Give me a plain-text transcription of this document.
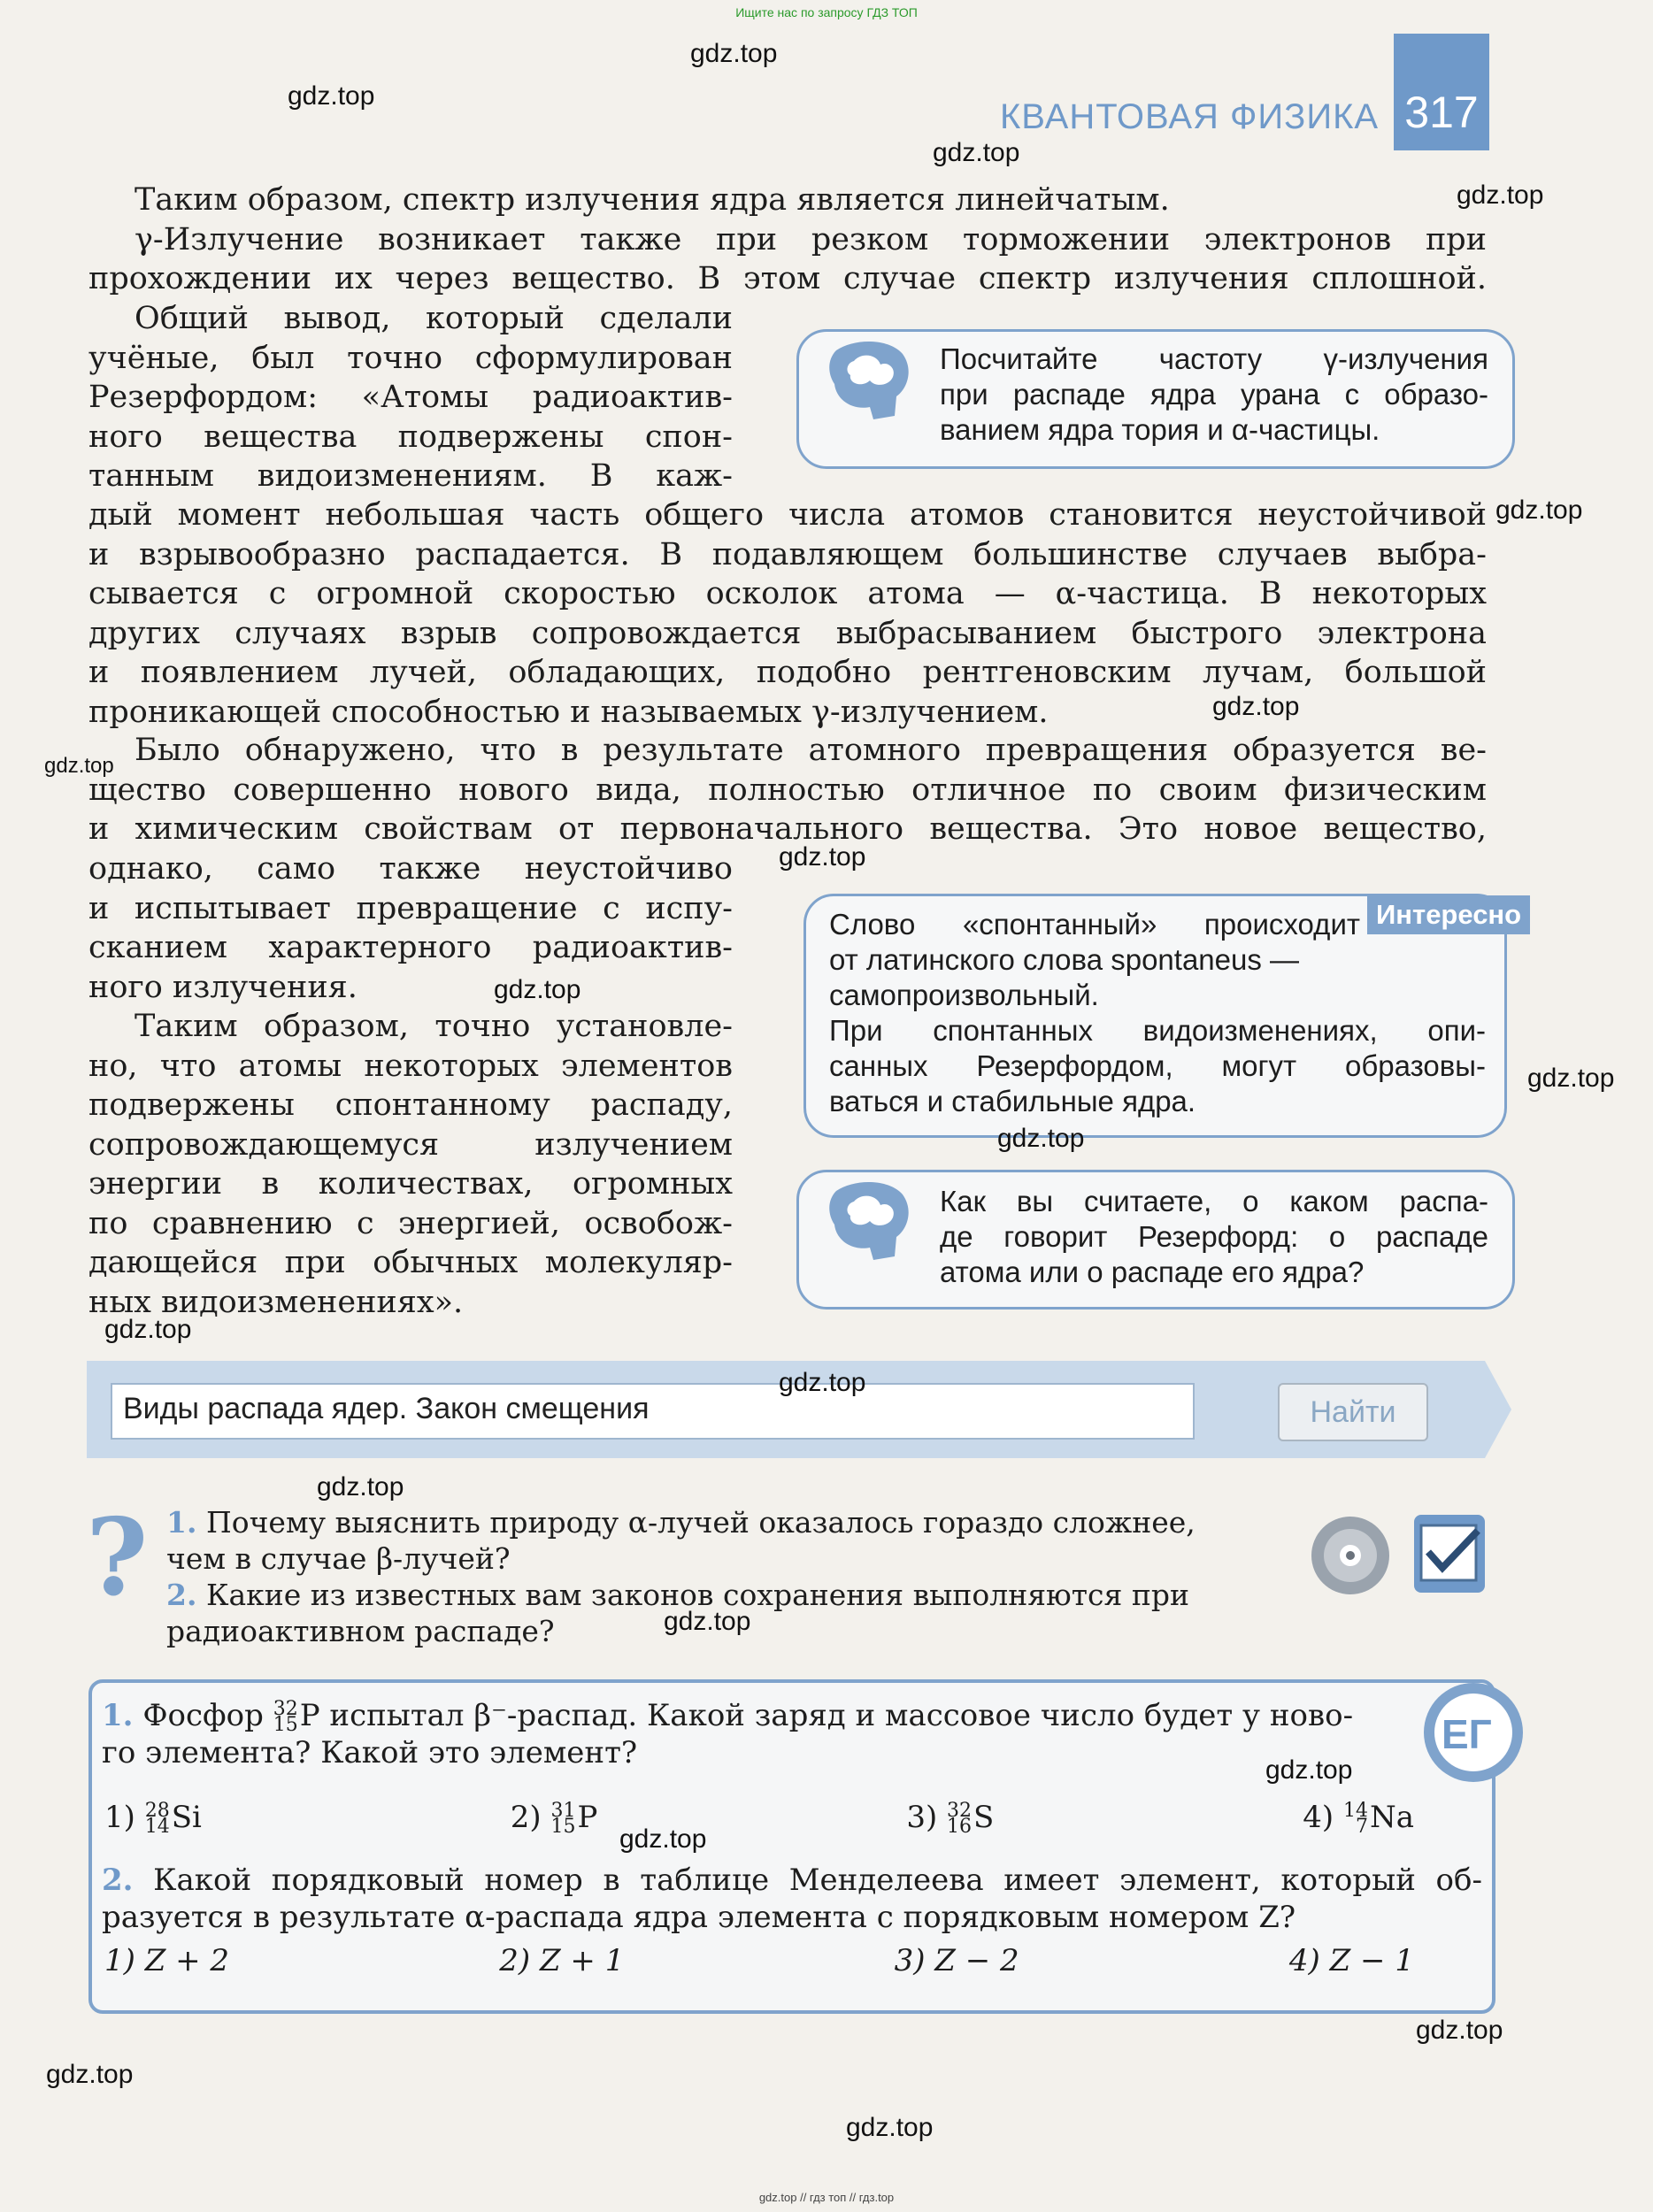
Ищите нас по запросу ГДЗ ТОП
317
КВАНТОВАЯ ФИЗИКА
Таким образом, спектр излучения ядра является линейчатым.
γ-Излучение возникает также при резком торможении электронов при
прохождении их через вещество. В этом случае спектр излучения сплошной.
Общий вывод, который сделали
учёные, был точно сформулирован
Резерфордом: «Атомы радиоактив-
ного вещества подвержены спон-
танным видоизменениям. В каж-
дый момент небольшая часть общего числа атомов становится неустойчивой
и взрывообразно распадается. В подавляющем большинстве случаев выбра-
сывается с огромной скоростью осколок атома — α-частица. В некоторых
других случаях взрыв сопровождается выбрасыванием быстрого электрона
и появлением лучей, обладающих, подобно рентгеновским лучам, большой
проникающей способностью и называемых γ-излучением.
Было обнаружено, что в результате атомного превращения образуется ве-
щество совершенно нового вида, полностью отличное по своим физическим
и химическим свойствам от первоначального вещества. Это новое вещество,
однако, само также неустойчиво
и испытывает превращение с испу-
сканием характерного радиоактив-
ного излучения.
Таким образом, точно установле-
но, что атомы некоторых элементов
подвержены спонтанному распаду,
сопровождающемуся излучением
энергии в количествах, огромных
по сравнению с энергией, освобож-
дающейся при обычных молекуляр-
ных видоизменениях».
Посчитайте частоту γ-излучения
при распаде ядра урана с образо-
ванием ядра тория и α-частицы.
Интересно
Слово «спонтанный» происходит
от латинского слова spontaneus —
самопроизвольный.
При спонтанных видоизменениях, опи-
санных Резерфордом, могут образовы-
ваться и стабильные ядра.
Как вы считаете, о каком распа-
де говорит Резерфорд: о распаде
атома или о распаде его ядра?
Виды распада ядер. Закон смещения	Найти
? 1. Почему выяснить природу α-лучей оказалось гораздо сложнее,
чем в случае β-лучей?
2. Какие из известных вам законов сохранения выполняются при
радиоактивном распаде?
ЕГ
1. Фосфор 32
15P испытал β⁻-распад. Какой заряд и массовое число будет у ново-
го элемента? Какой это элемент?
1) 28
14Si	2) 31
15P	3) 32
16S	4) 14
7Na
2. Какой порядковый номер в таблице Менделеева имеет элемент, который об-
разуется в результате α-распада ядра элемента с порядковым номером Z?
1) Z + 2	2) Z + 1	3) Z − 2	4) Z − 1
gdz.top
gdz.top
gdz.top
gdz.top
gdz.top
gdz.top
gdz.top
gdz.top
gdz.top
gdz.top
gdz.top
gdz.top
gdz.top
gdz.top
gdz.top
gdz.top
gdz.top
gdz.top
gdz.top
gdz.top
gdz.top // гдз топ // гдз.top
